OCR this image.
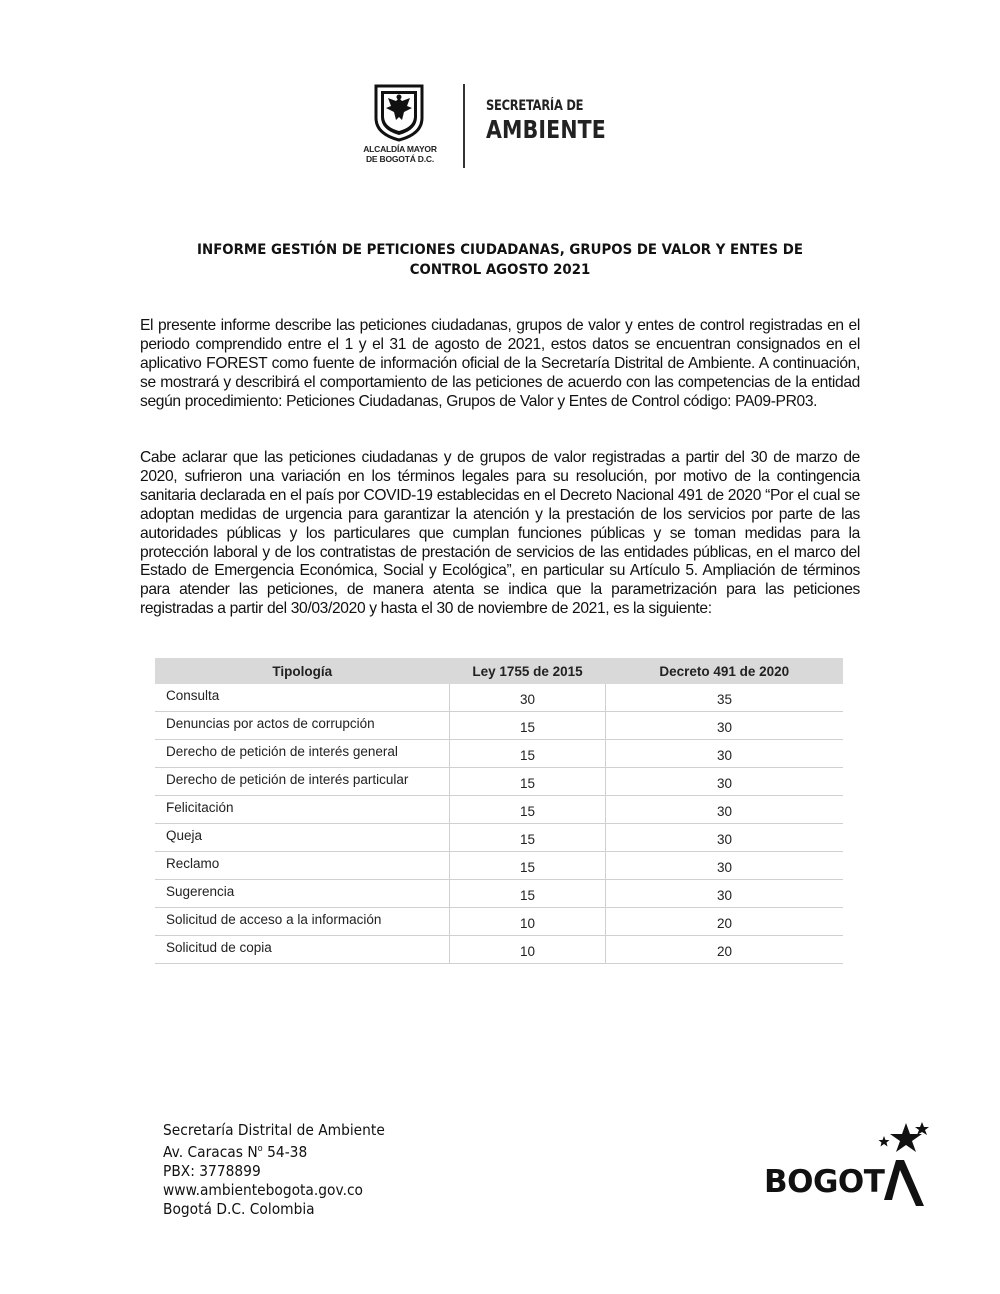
ALCALDÍA MAYOR
DE BOGOTÁ D.C.
SECRETARÍA DE
AMBIENTE
INFORME GESTIÓN DE PETICIONES CIUDADANAS, GRUPOS DE VALOR Y ENTES DE
CONTROL AGOSTO 2021
El presente informe describe las peticiones ciudadanas, grupos de valor y entes de control registradas en el periodo comprendido entre el 1 y el 31 de agosto de 2021, estos datos se encuentran consignados en el aplicativo FOREST como fuente de información oficial de la Secretaría Distrital de Ambiente. A continuación, se mostrará y describirá el comportamiento de las peticiones de acuerdo con las competencias de la entidad según procedimiento: Peticiones Ciudadanas, Grupos de Valor y Entes de Control código: PA09-PR03.
Cabe aclarar que las peticiones ciudadanas y de grupos de valor registradas a partir del 30 de marzo de 2020, sufrieron una variación en los términos legales para su resolución, por motivo de la contingencia sanitaria declarada en el país por COVID-19 establecidas en el Decreto Nacional 491 de 2020 “Por el cual se adoptan medidas de urgencia para garantizar la atención y la prestación de los servicios por parte de las autoridades públicas y los particulares que cumplan funciones públicas y se toman medidas para la protección laboral y de los contratistas de prestación de servicios de las entidades públicas, en el marco del Estado de Emergencia Económica, Social y Ecológica”, en particular su Artículo 5. Ampliación de términos para atender las peticiones, de manera atenta se indica que la parametrización para las peticiones registradas a partir del 30/03/2020 y hasta el 30 de noviembre de 2021, es la siguiente:
Tipología	Ley 1755 de 2015	Decreto 491 de 2020
Consulta	30	35
Denuncias por actos de corrupción	15	30
Derecho de petición de interés general	15	30
Derecho de petición de interés particular	15	30
Felicitación	15	30
Queja	15	30
Reclamo	15	30
Sugerencia	15	30
Solicitud de acceso a la información	10	20
Solicitud de copia	10	20
Secretaría Distrital de Ambiente
Av. Caracas $N^o$ 54-38
PBX: 3778899
www.ambientebogota.gov.co
Bogotá D.C. Colombia
BOGOT
